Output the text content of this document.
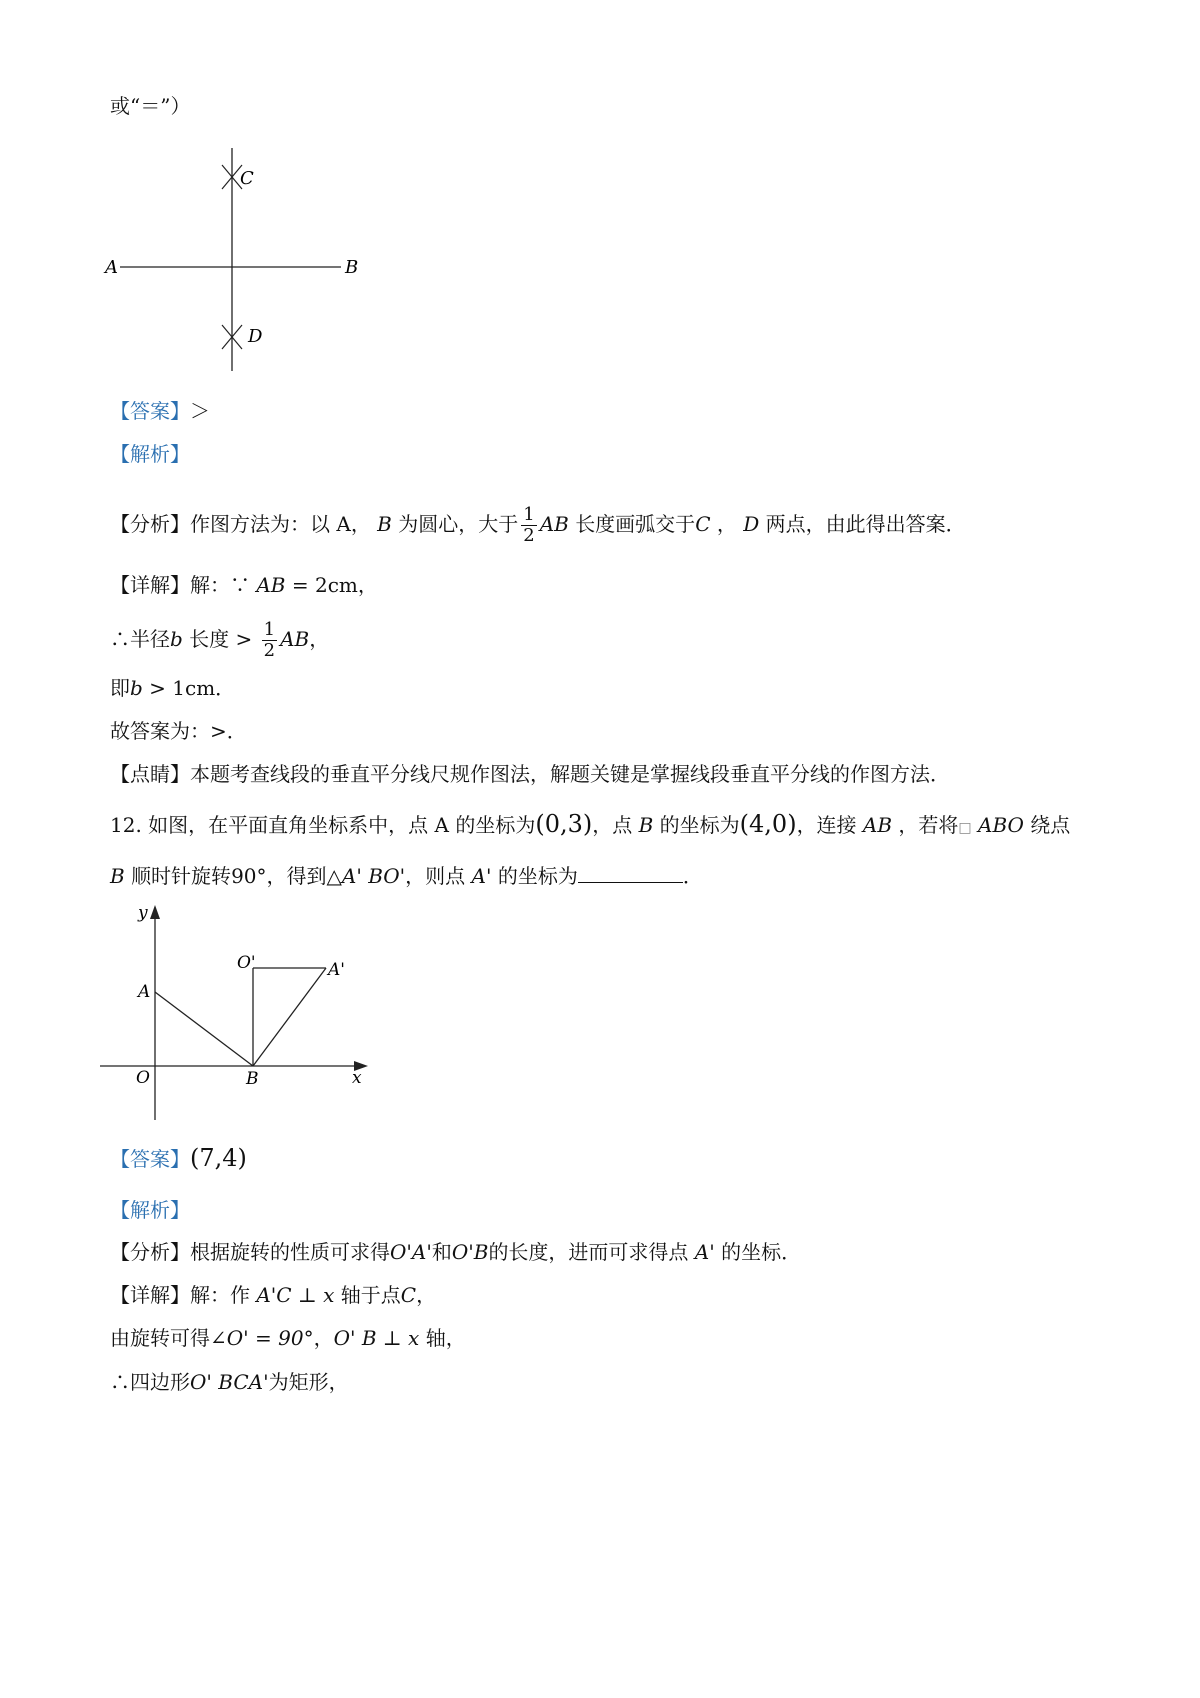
或“＝”）
A	B
C
D
【答案】＞
【解析】
【分析】作图方法为：以 A， B 为圆心，大于 $\frac{1}{2}$ AB 长度画弧交于C ， D 两点，由此得出答案．
【详解】解：∵ AB = 2cm，
∴半径b 长度 > $\frac{1}{2}$ AB，
即b > 1cm．
故答案为：>．
【点睛】本题考查线段的垂直平分线尺规作图法，解题关键是掌握线段垂直平分线的作图方法．
12. 如图，在平面直角坐标系中，点 A 的坐标为(0,3)，点 B 的坐标为(4,0)，连接 AB ，若将□ ABO 绕点
B 顺时针旋转90°，得到△A' BO'，则点 A' 的坐标为	．
y
x
O
A
B
O'	A'
【答案】(7,4)
【解析】
【分析】根据旋转的性质可求得O'A'和O'B的长度，进而可求得点 A' 的坐标．
【详解】解：作 A'C ⊥ x 轴于点C，
由旋转可得∠O' = 90°，O' B ⊥ x 轴，
∴四边形O' BCA'为矩形，
